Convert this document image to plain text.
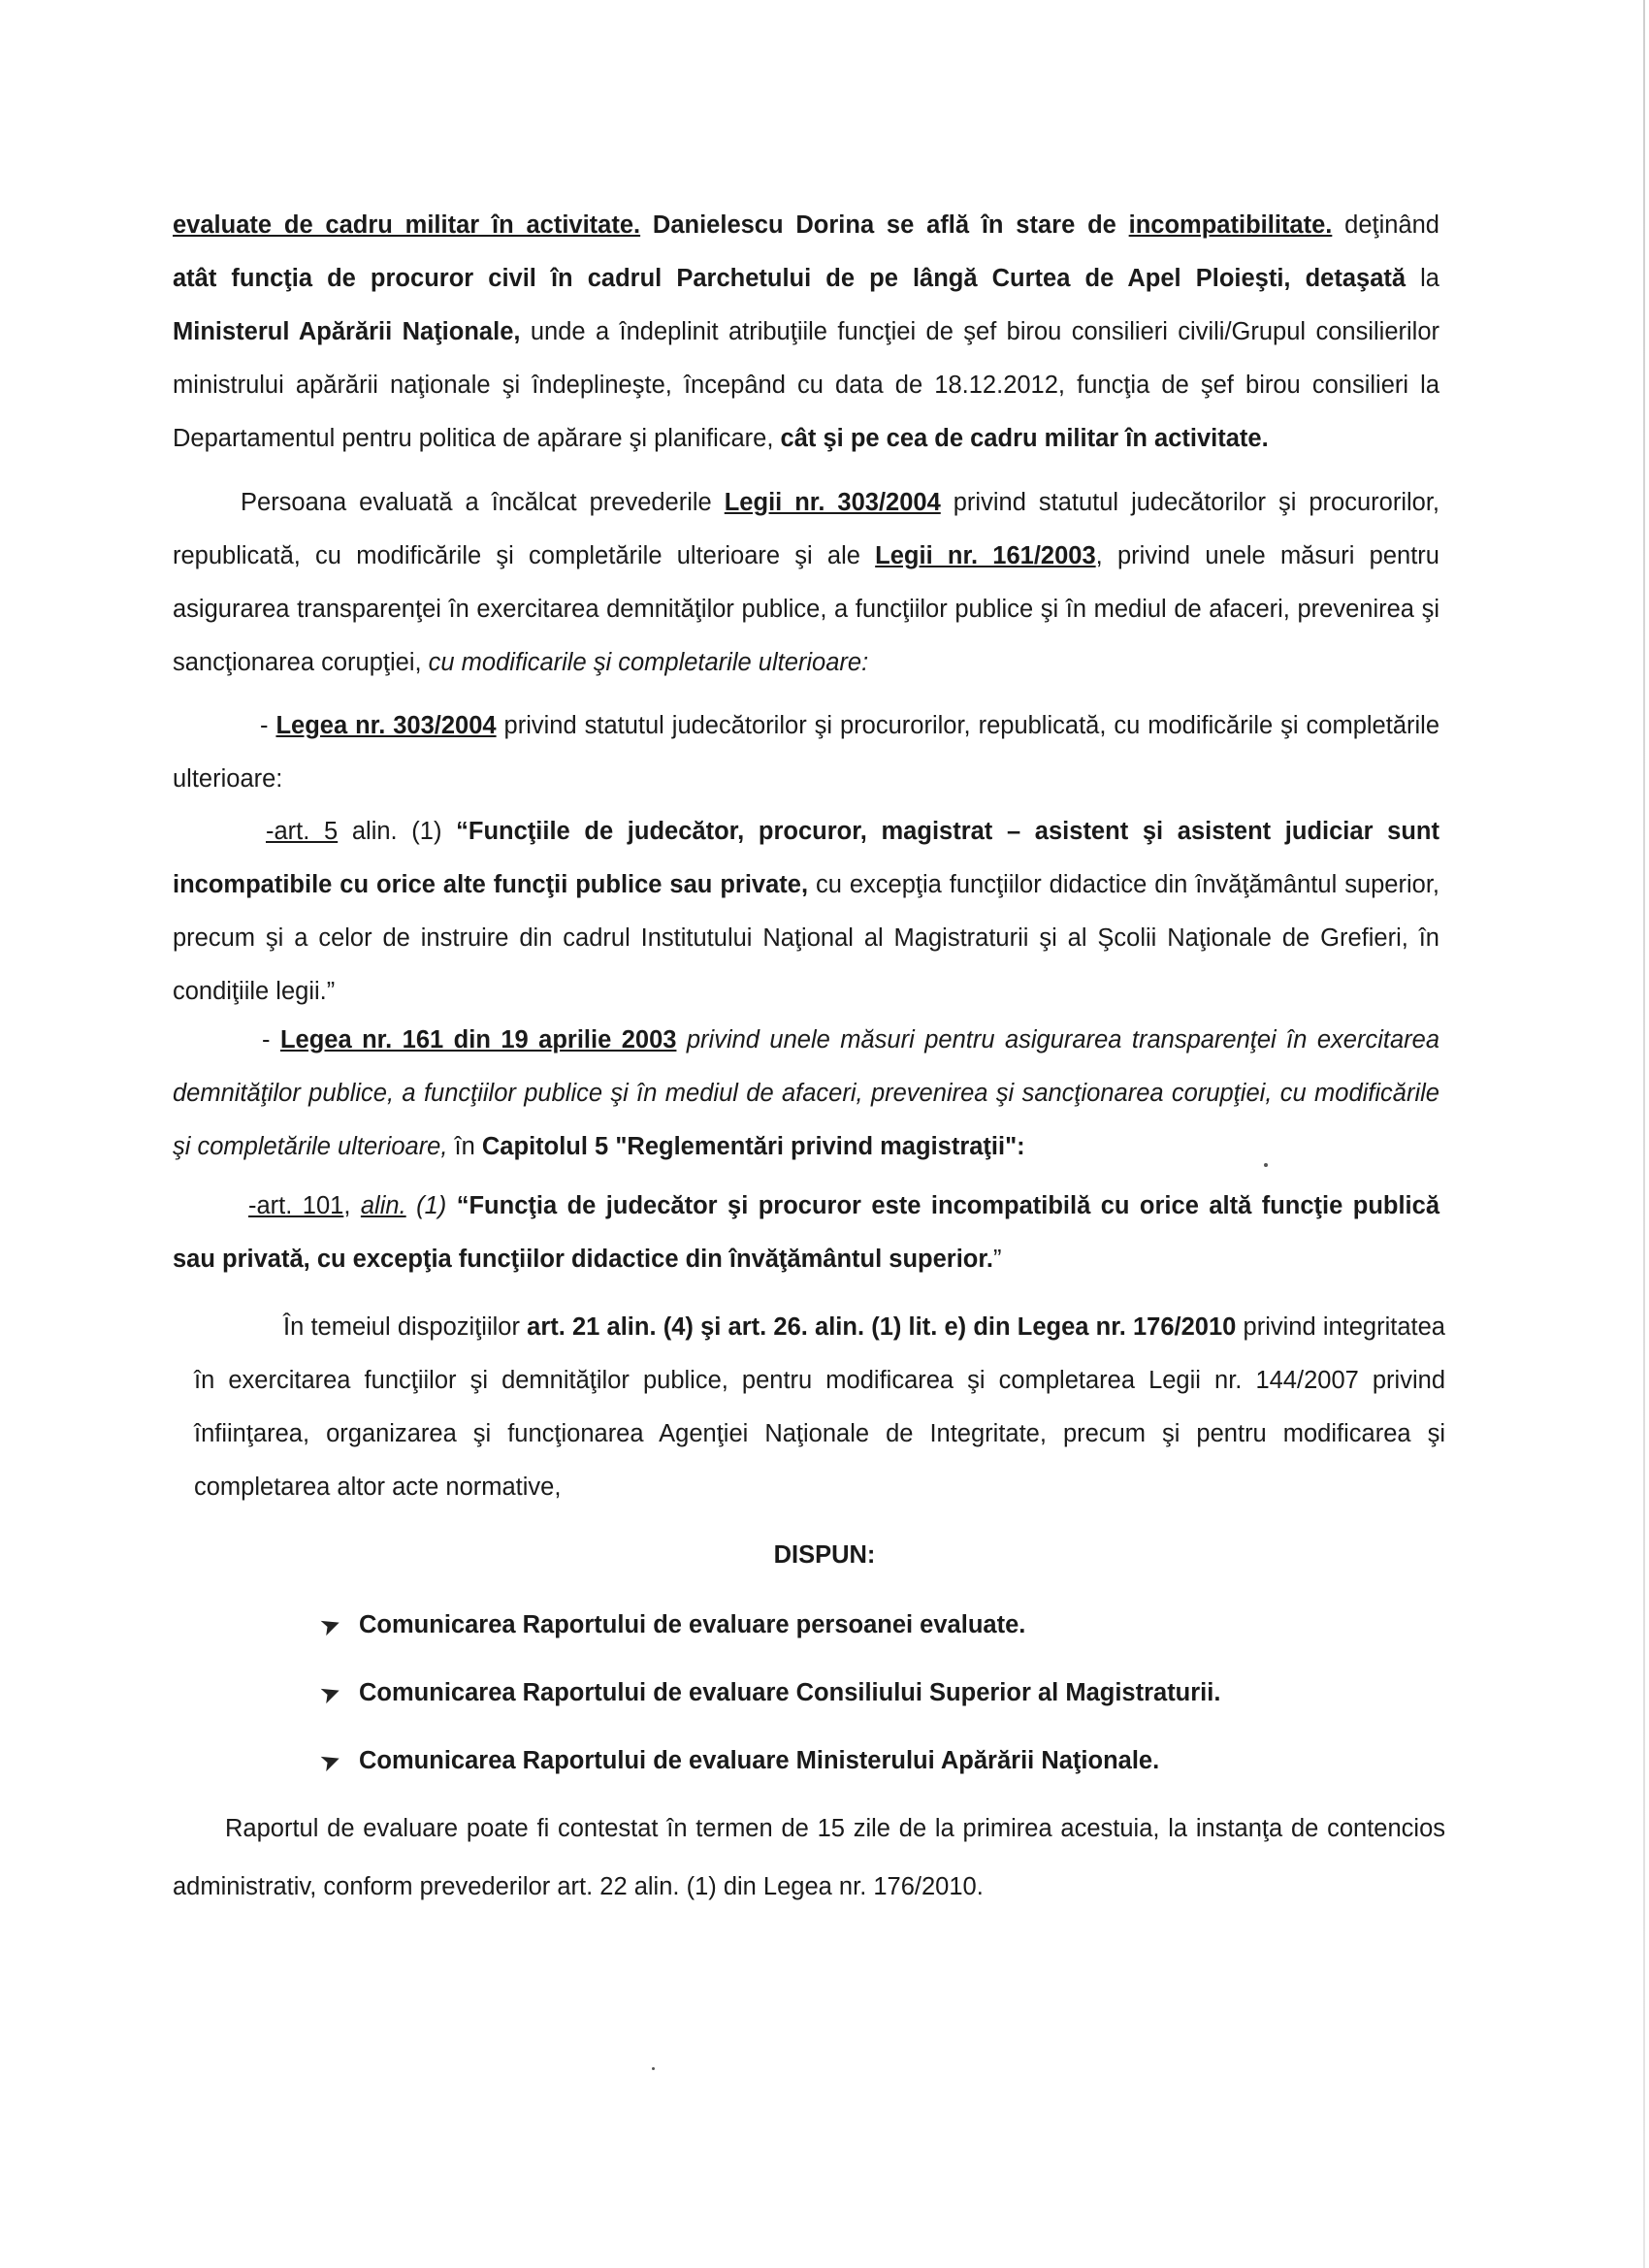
evaluate de cadru militar în activitate. Danielescu Dorina se află în stare de incompatibilitate. deţinând
atât funcţia de procuror civil în cadrul Parchetului de pe lângă Curtea de Apel Ploieşti, detaşată la
Ministerul Apărării Naţionale, unde a îndeplinit atribuţiile funcţiei de şef birou consilieri civili/Grupul consilierilor
ministrului apărării naţionale şi îndeplineşte, începând cu data de 18.12.2012, funcţia de şef birou consilieri la
Departamentul pentru politica de apărare şi planificare, cât şi pe cea de cadru militar în activitate.
Persoana evaluată a încălcat prevederile Legii nr. 303/2004 privind statutul judecătorilor şi procurorilor, republicată, cu modificările şi completările ulterioare şi ale Legii nr. 161/2003, privind unele măsuri pentru asigurarea transparenţei în exercitarea demnităţilor publice, a funcţiilor publice şi în mediul de afaceri, prevenirea şi sancţionarea corupţiei, cu modificarile şi completarile ulterioare:
- Legea nr. 303/2004 privind statutul judecătorilor şi procurorilor, republicată, cu modificările şi completările ulterioare:
-art. 5 alin. (1) “Funcţiile de judecător, procuror, magistrat – asistent şi asistent judiciar sunt incompatibile cu orice alte funcţii publice sau private, cu excepţia funcţiilor didactice din învăţământul superior, precum şi a celor de instruire din cadrul Institutului Naţional al Magistraturii şi al Şcolii Naţionale de Grefieri, în condiţiile legii.”
- Legea nr. 161 din 19 aprilie 2003 privind unele măsuri pentru asigurarea transparenţei în exercitarea demnităţilor publice, a funcţiilor publice şi în mediul de afaceri, prevenirea şi sancţionarea corupţiei, cu modificările şi completările ulterioare, în Capitolul 5 "Reglementări privind magistraţii":
-art. 101, alin. (1) “Funcţia de judecător şi procuror este incompatibilă cu orice altă funcţie publică sau privată, cu excepţia funcţiilor didactice din învăţământul superior.”
În temeiul dispoziţiilor art. 21 alin. (4) şi art. 26. alin. (1) lit. e) din Legea nr. 176/2010 privind integritatea în exercitarea funcţiilor şi demnităţilor publice, pentru modificarea şi completarea Legii nr. 144/2007 privind înfiinţarea, organizarea şi funcţionarea Agenţiei Naţionale de Integritate, precum şi pentru modificarea şi completarea altor acte normative,
DISPUN:
➤ Comunicarea Raportului de evaluare persoanei evaluate.
➤ Comunicarea Raportului de evaluare Consiliului Superior al Magistraturii.
➤ Comunicarea Raportului de evaluare Ministerului Apărării Naţionale.
Raportul de evaluare poate fi contestat în termen de 15 zile de la primirea acestuia, la instanţa de contencios administrativ, conform prevederilor art. 22 alin. (1) din Legea nr. 176/2010.
